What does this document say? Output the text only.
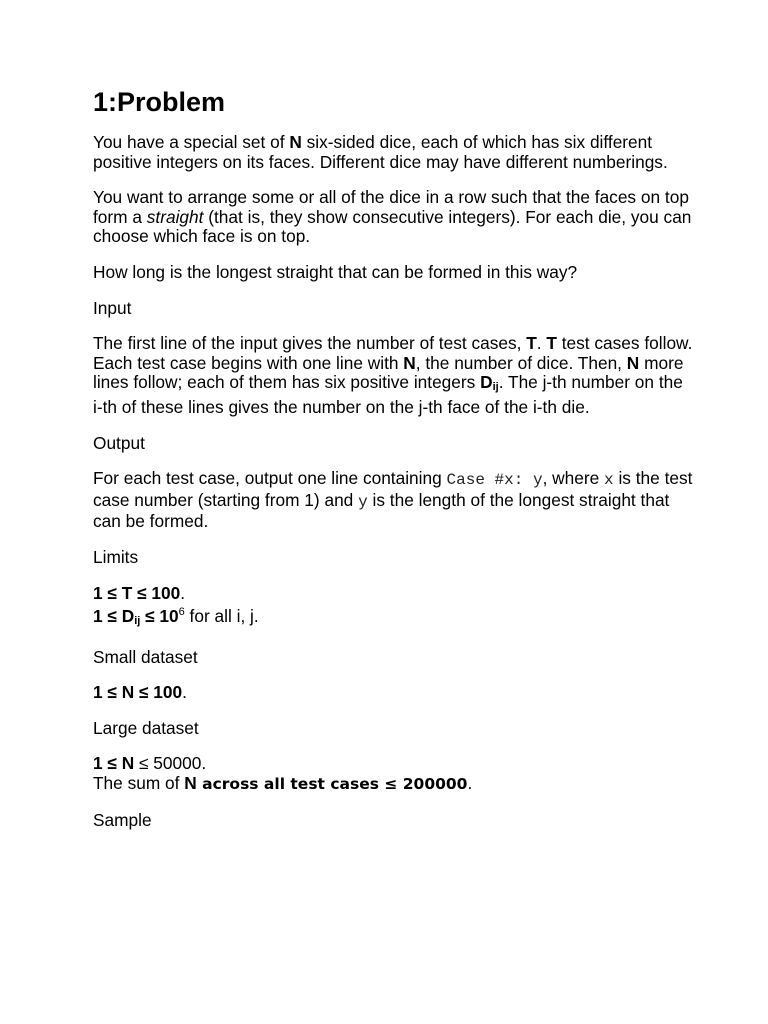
1:Problem

You have a special set of N six-sided dice, each of which has six different positive integers on its faces. Different dice may have different numberings.

You want to arrange some or all of the dice in a row such that the faces on top form a straight (that is, they show consecutive integers). For each die, you can choose which face is on top.

How long is the longest straight that can be formed in this way?

Input

The first line of the input gives the number of test cases, T. T test cases follow. Each test case begins with one line with N, the number of dice. Then, N more lines follow; each of them has six positive integers $D_{ij}$. The j-th number on the i-th of these lines gives the number on the j-th face of the i-th die.

Output

For each test case, output one line containing Case #x: y, where x is the test case number (starting from 1) and y is the length of the longest straight that can be formed.

Limits

1 ≤ T ≤ 100.
$1 \le D_{ij} \le 10^6$ for all i, j.

Small dataset

1 ≤ N ≤ 100.

Large dataset

1 ≤ N ≤ 50000.
The sum of N across all test cases ≤ 200000.

Sample
